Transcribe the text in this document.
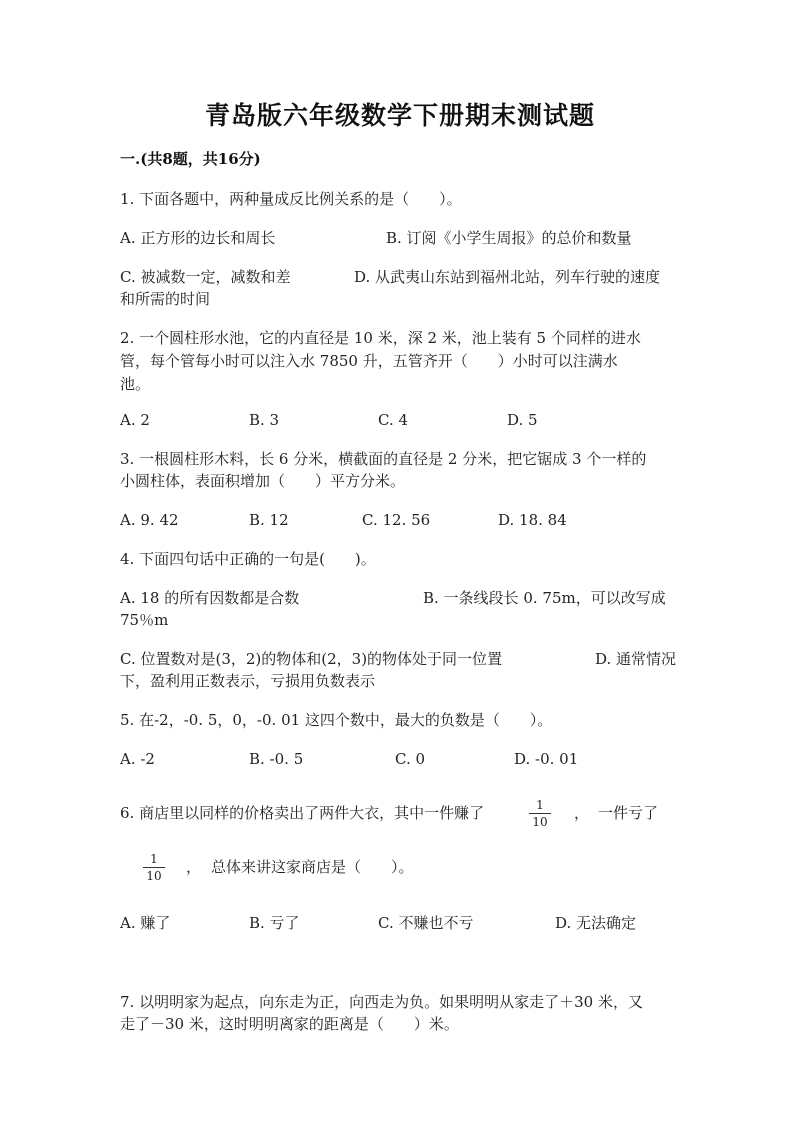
青岛版六年级数学下册期末测试题
一.(共8题，共16分)
1. 下面各题中，两种量成反比例关系的是（　　）。
A. 正方形的边长和周长	B. 订阅《小学生周报》的总价和数量
C. 被减数一定，减数和差	D. 从武夷山东站到福州北站，列车行驶的速度
和所需的时间
2. 一个圆柱形水池，它的内直径是 10 米，深 2 米，池上装有 5 个同样的进水
管，每个管每小时可以注入水 7850 升，五管齐开（　　）小时可以注满水
池。
A. 2	B. 3	C. 4	D. 5
3. 一根圆柱形木料，长 6 分米，横截面的直径是 2 分米，把它锯成 3 个一样的
小圆柱体，表面积增加（　　）平方分米。
A. 9. 42	B. 12	C. 12. 56	D. 18. 84
4. 下面四句话中正确的一句是(　　)。
A. 18 的所有因数都是合数	B. 一条线段长 0. 75m，可以改写成
75％m
C. 位置数对是(3，2)的物体和(2，3)的物体处于同一位置	D. 通常情况
下，盈利用正数表示，亏损用负数表示
5. 在-2，-0. 5，0，-0. 01 这四个数中，最大的负数是（　　）。
A. -2	B. -0. 5	C. 0	D. -0. 01
6. 商店里以同样的价格卖出了两件大衣，其中一件赚了	1
10 ， 一件亏了
1
10 ， 总体来讲这家商店是（　　）。
A. 赚了	B. 亏了	C. 不赚也不亏	D. 无法确定
7. 以明明家为起点，向东走为正，向西走为负。如果明明从家走了＋30 米，又
走了－30 米，这时明明离家的距离是（　　）米。
